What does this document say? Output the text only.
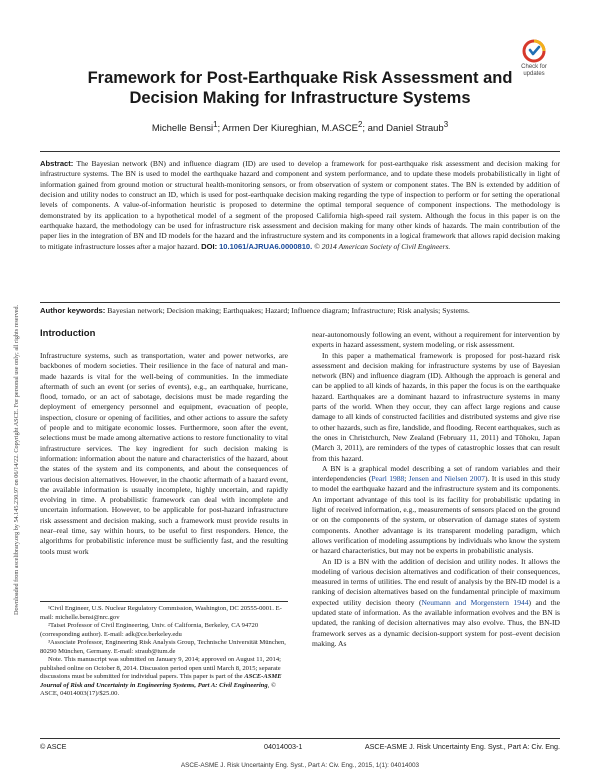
Downloaded from ascelibrary.org by 54.145.230.97 on 06/14/22. Copyright ASCE. For personal use only; all rights reserved.
Check for
updates
Framework for Post-Earthquake Risk Assessment and
Decision Making for Infrastructure Systems
Michelle Bensi$^1$; Armen Der Kiureghian, M.ASCE$^2$; and Daniel Straub$^3$
Abstract: The Bayesian network (BN) and influence diagram (ID) are used to develop a framework for post-earthquake risk assessment and decision making for infrastructure systems. The BN is used to model the earthquake hazard and component and system performance, and to update these models probabilistically in light of information gained from ground motion or structural health-monitoring sensors, or from observation of system or component states. The BN is extended by addition of decision and utility nodes to construct an ID, which is used for post-earthquake decision making regarding the type of inspection to perform or for setting the operational levels of components. A value-of-information heuristic is proposed to determine the optimal temporal sequence of component inspections. The methodology is demonstrated by its application to a hypothetical model of a segment of the proposed California high-speed rail system. Although the focus in this paper is on the earthquake hazard, the methodology can be used for infrastructure risk assessment and decision making for many other kinds of hazards. The main contribution of the paper lies in the integration of BN and ID models for the hazard and the infrastructure system and its components in a logical framework that allows rapid decision making to mitigate infrastructure losses after a major hazard. DOI: 10.1061/AJRUA6.0000810. © 2014 American Society of Civil Engineers.
Author keywords: Bayesian network; Decision making; Earthquakes; Hazard; Influence diagram; Infrastructure; Risk analysis; Systems.
Introduction

Infrastructure systems, such as transportation, water and power networks, are backbones of modern societies. Their resilience in the face of natural and man-made hazards is vital for the well-being of communities. In the immediate aftermath of such an event (or series of events), e.g., an earthquake, hurricane, flood, tornado, or an act of sabotage, decisions must be made regarding the deployment of emergency personnel and equipment, evacuation of people, inspection, closure or opening of facilities, and other actions to assure the safety of people and to mitigate economic losses. Furthermore, soon after the event, selections must be made among alternative actions to restore functionality to vital infrastructure services. The key ingredient for such decision making is information: information about the nature and characteristics of the hazard, about the states of the system and its components, and about the consequences of various decision alternatives. However, in the chaotic aftermath of a hazard event, the available information is usually incomplete, highly uncertain, and rapidly evolving in time. A probabilistic framework can deal with incomplete and uncertain information. However, to be applicable for post-hazard infrastructure risk assessment and decision making, such a framework must provide results in near–real time, say within hours, to be useful to first responders. Hence, the algorithms for probabilistic inference must be sufficiently fast, and the resulting tools must work

¹Civil Engineer, U.S. Nuclear Regulatory Commission, Washington, DC 20555-0001. E-mail: michelle.bensi@nrc.gov

²Taisei Professor of Civil Engineering, Univ. of California, Berkeley, CA 94720 (corresponding author). E-mail: adk@ce.berkeley.edu

³Associate Professor, Engineering Risk Analysis Group, Technische Universität München, 80290 München, Germany. E-mail: straub@tum.de

Note. This manuscript was submitted on January 9, 2014; approved on August 11, 2014; published online on October 8, 2014. Discussion period open until March 8, 2015; separate discussions must be submitted for individual papers. This paper is part of the ASCE-ASME Journal of Risk and Uncertainty in Engineering Systems, Part A: Civil Engineering, © ASCE, 04014003(17)/$25.00.

near-autonomously following an event, without a requirement for intervention by experts in hazard assessment, system modeling, or risk assessment.

In this paper a mathematical framework is proposed for post-hazard risk assessment and decision making for infrastructure systems by use of Bayesian network (BN) and influence diagram (ID). Although the approach is general and can be applied to all kinds of hazards, in this paper the focus is on the earthquake hazard. Earthquakes are a dominant hazard to infrastructure systems in many parts of the world. When they occur, they can affect large regions and cause damage to all kinds of constructed facilities and distributed systems and give rise to other hazards, such as fire, landslide, and flooding. Recent earthquakes, such as the ones in Christchurch, New Zealand (February 11, 2011) and Tōhoku, Japan (March 3, 2011), are reminders of the types of catastrophic losses that can result from this hazard.

A BN is a graphical model describing a set of random variables and their interdependencies (Pearl 1988; Jensen and Nielsen 2007). It is used in this study to model the earthquake hazard and the infrastructure system and its components. An important advantage of this tool is its facility for probabilistic updating in light of received information, e.g., measurements of sensors placed on the ground or on the components of the system, or observation of damage states of system components. Another advantage is its transparent modeling paradigm, which allows verification of modeling assumptions by individuals who know the system or hazard characteristics, but may not be experts in probabilistic analysis.

An ID is a BN with the addition of decision and utility nodes. It allows the modeling of various decision alternatives and codification of their consequences, measured in terms of utilities. The end result of analysis by the BN-ID model is a ranking of decision alternatives based on the fundamental principle of maximum expected utility decision theory (Neumann and Morgenstern 1944) and the updated state of information. As the available information evolves and the BN is updated, the ranking of decision alternatives may also evolve. Thus, the BN-ID framework serves as a dynamic decision-support system for post–event decision making. As

© ASCE	04014003-1	ASCE-ASME J. Risk Uncertainty Eng. Syst., Part A: Civ. Eng.
ASCE-ASME J. Risk Uncertainty Eng. Syst., Part A: Civ. Eng., 2015, 1(1): 04014003
